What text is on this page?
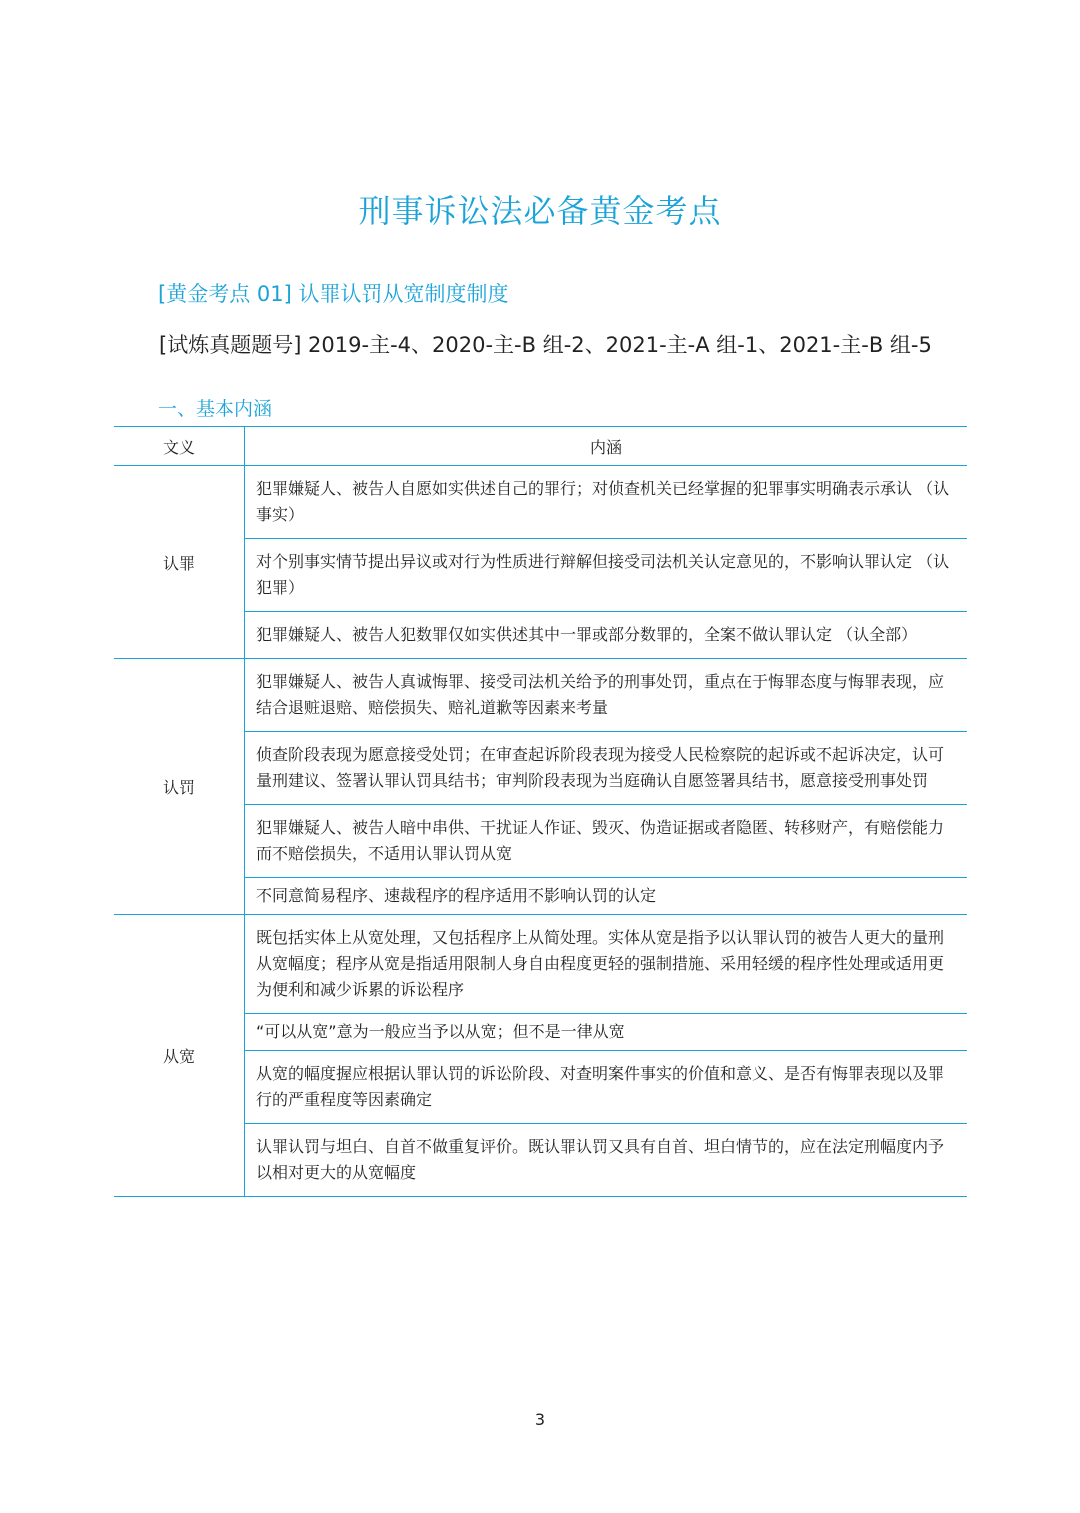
刑事诉讼法必备黄金考点
[黄金考点 01] 认罪认罚从宽制度制度
[试炼真题题号] 2019-主-4、2020-主-B 组-2、2021-主-A 组-1、2021-主-B 组-5
一、基本内涵
文义	内涵
认罪	犯罪嫌疑人、被告人自愿如实供述自己的罪行；对侦查机关已经掌握的犯罪事实明确表示承认 （认事实）
	对个别事实情节提出异议或对行为性质进行辩解但接受司法机关认定意见的，不影响认罪认定 （认犯罪）
	犯罪嫌疑人、被告人犯数罪仅如实供述其中一罪或部分数罪的，全案不做认罪认定 （认全部）
认罚	犯罪嫌疑人、被告人真诚悔罪、接受司法机关给予的刑事处罚，重点在于悔罪态度与悔罪表现，应结合退赃退赔、赔偿损失、赔礼道歉等因素来考量
	侦查阶段表现为愿意接受处罚；在审查起诉阶段表现为接受人民检察院的起诉或不起诉决定，认可量刑建议、签署认罪认罚具结书；审判阶段表现为当庭确认自愿签署具结书，愿意接受刑事处罚
	犯罪嫌疑人、被告人暗中串供、干扰证人作证、毁灭、伪造证据或者隐匿、转移财产，有赔偿能力而不赔偿损失，不适用认罪认罚从宽
	不同意简易程序、速裁程序的程序适用不影响认罚的认定
从宽	既包括实体上从宽处理，又包括程序上从简处理。实体从宽是指予以认罪认罚的被告人更大的量刑从宽幅度；程序从宽是指适用限制人身自由程度更轻的强制措施、采用轻缓的程序性处理或适用更为便利和减少诉累的诉讼程序
	“可以从宽”意为一般应当予以从宽；但不是一律从宽
	从宽的幅度握应根据认罪认罚的诉讼阶段、对查明案件事实的价值和意义、是否有悔罪表现以及罪行的严重程度等因素确定
	认罪认罚与坦白、自首不做重复评价。既认罪认罚又具有自首、坦白情节的，应在法定刑幅度内予以相对更大的从宽幅度
3
